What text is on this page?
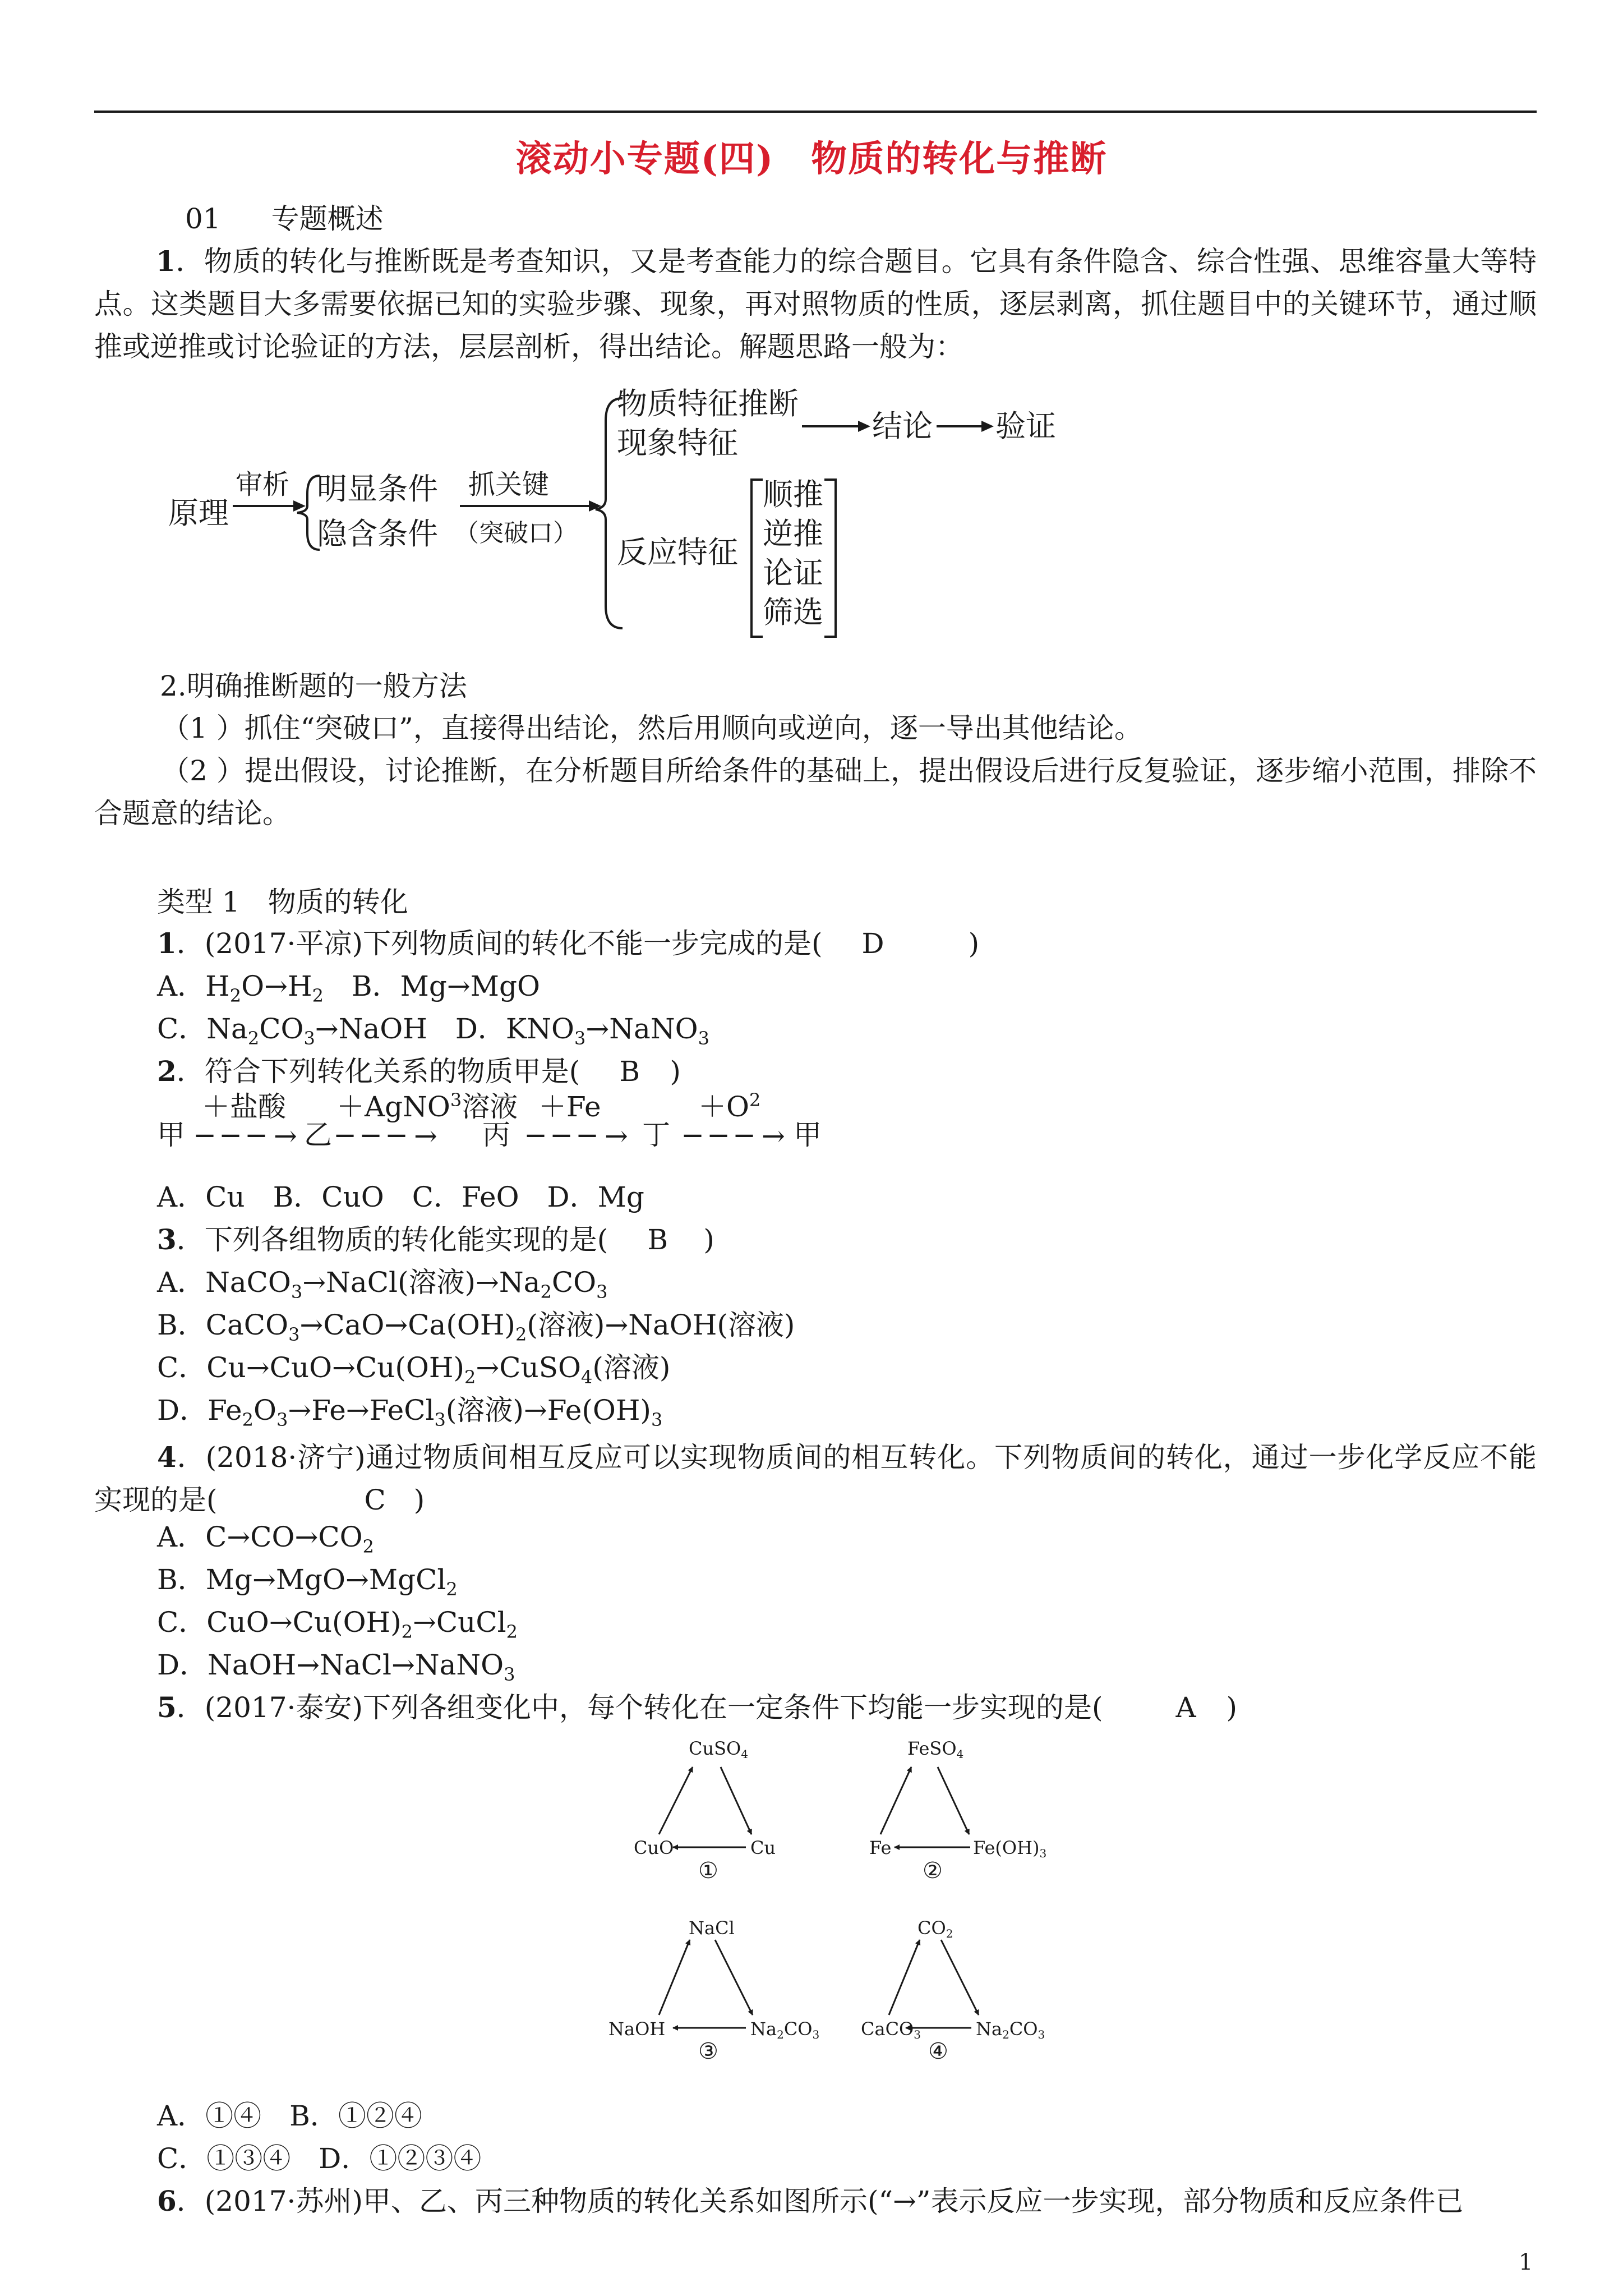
滚动小专题(四)　物质的转化与推断
01 专题概述
1．物质的转化与推断既是考查知识，又是考查能力的综合题目。它具有条件隐含、综合性强、思维容量大等特点。这类题目大多需要依据已知的实验步骤、现象，再对照物质的性质，逐层剥离，抓住题目中的关键环节，通过顺推或逆推或讨论验证的方法，层层剖析，得出结论。解题思路一般为：
原理
审析 明显条件
隐含条件
抓关键
（突破口）
物质特征推断
现象特征	结论 验证
反应特征
顺推
逆推
论证
筛选
2.明确推断题的一般方法
（1 ）抓住“突破口”，直接得出结论，然后用顺向或逆向，逐一导出其他结论。
（2 ）提出假设，讨论推断，在分析题目所给条件的基础上，提出假设后进行反复验证，逐步缩小范围，排除不合题意的结论。
类型 1　物质的转化
1．(2017·平凉)下列物质间的转化不能一步完成的是( D	)
A．$H_2O\to H_2$　B．Mg→MgO
C．$Na_2CO_3\to NaOH$　D．$KNO_3\to NaNO_3$
2．符合下列转化关系的物质甲是( B )
甲
＋盐酸
─ ─ ─ → 乙
＋AgNO$^3$溶液
─ ─ ─ → 丙
＋Fe
─ ─ ─ → 丁
$+O^2$
─ ─ ─ → 甲
A．Cu　B．CuO　C．FeO　D．Mg
3．下列各组物质的转化能实现的是( B )
A．NaCO$_3$→NaCl(溶液)$\to Na_2CO_3$
B．$CaCO_3\to CaO\to Ca(OH)_2$(溶液)→NaOH(溶液)
C．$Cu\to CuO\to Cu(OH)_2\to CuSO_4$(溶液)
D．$Fe_2O_3\to Fe\to FeCl_3$(溶液)$\to Fe(OH)_3$
4．(2018·济宁)通过物质间相互反应可以实现物质间的相互转化。下列物质间的转化，通过一步化学反应不能实现的是(	C )
A．$C\to CO\to CO_2$
B．Mg→MgO→MgCl$_2$
C．$CuO\to Cu(OH)_2\to CuCl_2$
D．NaOH→NaCl→NaNO$_3$
5．(2017·泰安)下列各组变化中，每个转化在一定条件下均能一步实现的是(	A )
CuSO4
CuO	Cu
①
FeSO4
Fe	Fe(OH)3
②
NaCl
NaOH	Na2CO3
③
CO2
CaCO3	Na2CO3
④
A．①④　B．①②④
C．①③④　D．①②③④
6．(2017·苏州)甲、乙、丙三种物质的转化关系如图所示(“→”表示反应一步实现，部分物质和反应条件已
1
